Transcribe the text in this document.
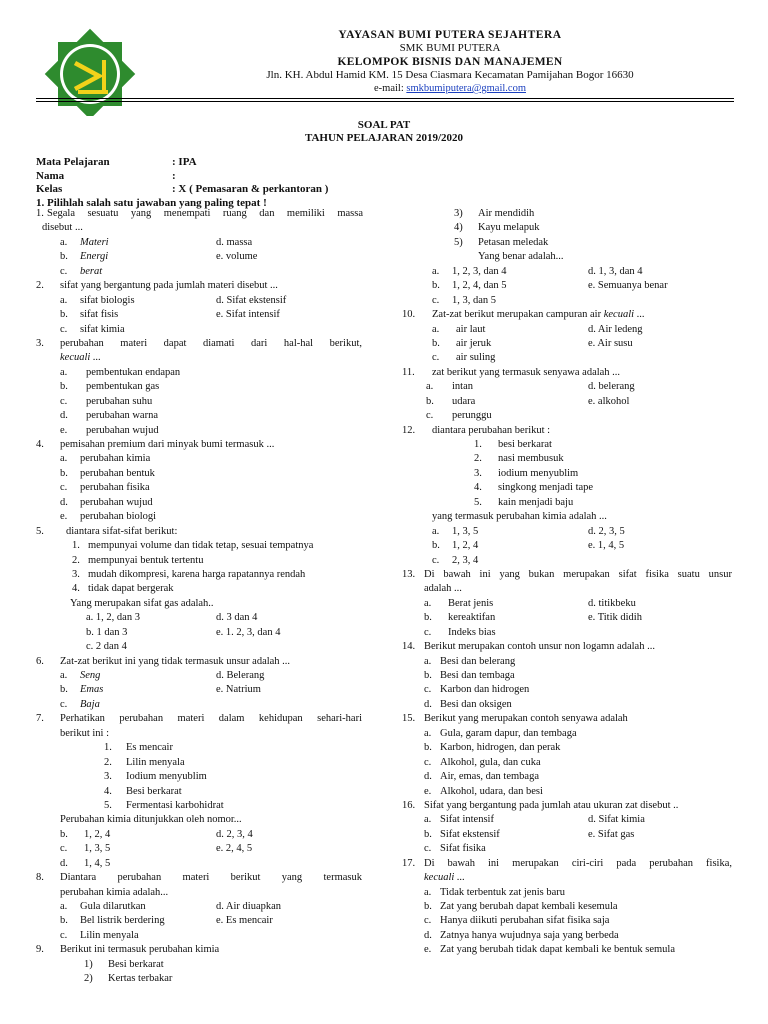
YAYASAN BUMI PUTERA SEJAHTERA
SMK BUMI PUTERA
KELOMPOK BISNIS DAN MANAJEMEN
Jln. KH. Abdul Hamid KM. 15 Desa Ciasmara Kecamatan Pamijahan Bogor 16630
e-mail: smkbumiputera@gmail.com
SOAL PAT
TAHUN PELAJARAN 2019/2020
Mata Pelajaran	: IPA
Nama	:
Kelas	: X ( Pemasaran & perkantoran )
1. Pilihlah salah satu jawaban yang paling tepat !
1. Segala sesuatu yang menempati ruang dan memiliki massa
disebut ...
a. Materi	d. massa
b. Energi	e. volume
c. berat
2. sifat yang bergantung pada jumlah materi disebut ...
a. sifat biologis	d. Sifat ekstensif
b. sifat fisis	e. Sifat intensif
c. sifat kimia
3. perubahan materi dapat diamati dari hal-hal berikut,
kecuali ...
a. pembentukan endapan
b. pembentukan gas
c. perubahan suhu
d. perubahan warna
e. perubahan wujud
4. pemisahan premium dari minyak bumi termasuk ...
a. perubahan kimia
b. perubahan bentuk
c. perubahan fisika
d. perubahan wujud
e. perubahan biologi
5. diantara sifat-sifat berikut:
1. mempunyai volume dan tidak tetap, sesuai tempatnya
2. mempunyai bentuk tertentu
3. mudah dikompresi, karena harga rapatannya rendah
4. tidak dapat bergerak
Yang merupakan sifat gas adalah..
a. 1, 2, dan 3	d. 3 dan 4
b. 1 dan 3	e. 1. 2, 3, dan 4
c. 2 dan 4
6. Zat-zat berikut ini yang tidak termasuk unsur adalah ...
a. Seng	d. Belerang
b. Emas	e. Natrium
c. Baja
7. Perhatikan perubahan materi dalam kehidupan sehari-hari
berikut ini :
1. Es mencair
2. Lilin menyala
3. Iodium menyublim
4. Besi berkarat
5. Fermentasi karbohidrat
Perubahan kimia ditunjukkan oleh nomor...
b. 1, 2, 4	d. 2, 3, 4
c. 1, 3, 5	e. 2, 4, 5
d. 1, 4, 5
8. Diantara perubahan materi berikut yang termasuk
perubahan kimia adalah...
a. Gula dilarutkan	d. Air diuapkan
b. Bel listrik berdering	e. Es mencair
c. Lilin menyala
9. Berikut ini termasuk perubahan kimia
1) Besi berkarat
2) Kertas terbakar
3) Air mendidih
4) Kayu melapuk
5) Petasan meledak
Yang benar adalah...
a. 1, 2, 3, dan 4	d. 1, 3, dan 4
b. 1, 2, 4, dan 5	e. Semuanya benar
c. 1, 3, dan 5
10. Zat-zat berikut merupakan campuran air kecuali ...
a. air laut	d. Air ledeng
b. air jeruk	e. Air susu
c. air suling
11. zat berikut yang termasuk senyawa adalah ...
a. intan	d. belerang
b. udara	e. alkohol
c. perunggu
12. diantara perubahan berikut :
1. besi berkarat
2. nasi membusuk
3. iodium menyublim
4. singkong menjadi tape
5. kain menjadi baju
yang termasuk perubahan kimia adalah ...
a. 1, 3, 5	d. 2, 3, 5
b. 1, 2, 4	e. 1, 4, 5
c. 2, 3, 4
13. Di bawah ini yang bukan merupakan sifat fisika suatu unsur
adalah ...
a. Berat jenis	d. titikbeku
b. kereaktifan	e. Titik didih
c. Indeks bias
14. Berikut merupakan contoh unsur non logamn adalah ...
a. Besi dan belerang
b. Besi dan tembaga
c. Karbon dan hidrogen
d. Besi dan oksigen
15. Berikut yang merupakan contoh senyawa adalah
a. Gula, garam dapur, dan tembaga
b. Karbon, hidrogen, dan perak
c. Alkohol, gula, dan cuka
d. Air, emas, dan tembaga
e. Alkohol, udara, dan besi
16. Sifat yang bergantung pada jumlah atau ukuran zat disebut ..
a. Sifat intensif	d. Sifat kimia
b. Sifat ekstensif	e. Sifat gas
c. Sifat fisika
17. Di bawah ini merupakan ciri-ciri pada perubahan fisika,
kecuali ...
a. Tidak terbentuk zat jenis baru
b. Zat yang berubah dapat kembali kesemula
c. Hanya diikuti perubahan sifat fisika saja
d. Zatnya hanya wujudnya saja yang berbeda
e. Zat yang berubah tidak dapat kembali ke bentuk semula
